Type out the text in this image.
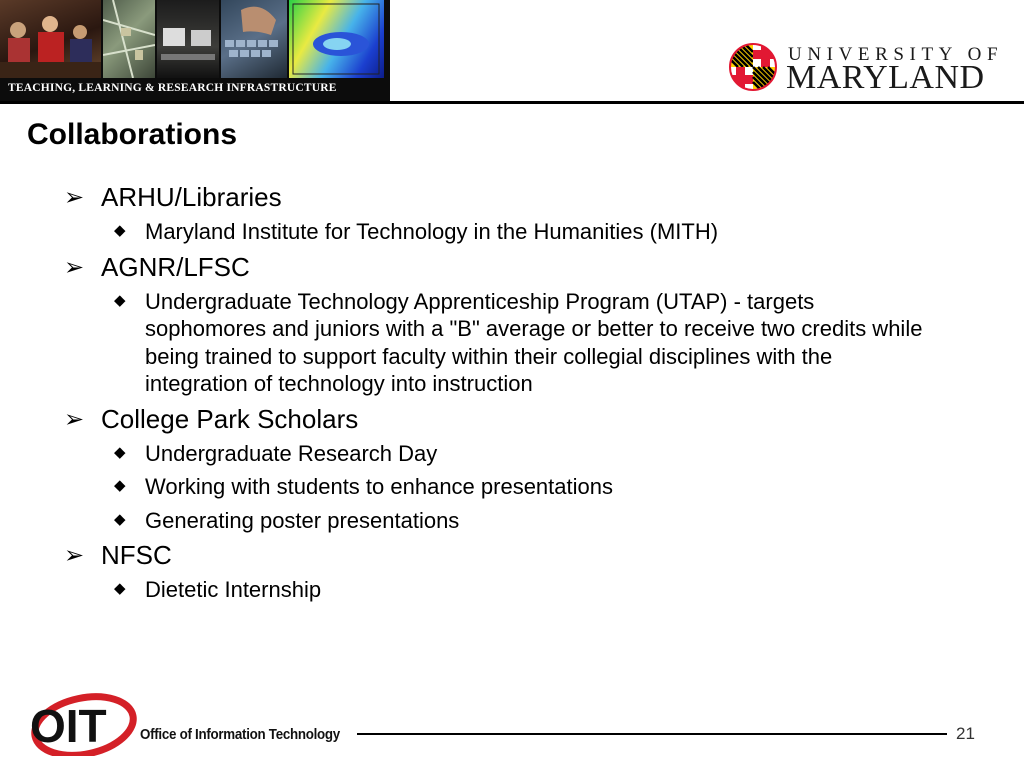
TEACHING, LEARNING & RESEARCH INFRASTRUCTURE
UNIVERSITY OF
MARYLAND
Collaborations
➢ ARHU/Libraries
◆ Maryland Institute for Technology in the Humanities (MITH)
➢ AGNR/LFSC
◆ Undergraduate Technology Apprenticeship Program (UTAP) - targets sophomores and juniors with a "B" average or better to receive two credits while being trained to support faculty within their collegial disciplines with the integration of technology into instruction
➢ College Park Scholars
◆ Undergraduate Research Day
◆ Working with students to enhance presentations
◆ Generating poster presentations
➢ NFSC
◆ Dietetic Internship
OIT Office of Information Technology	21
